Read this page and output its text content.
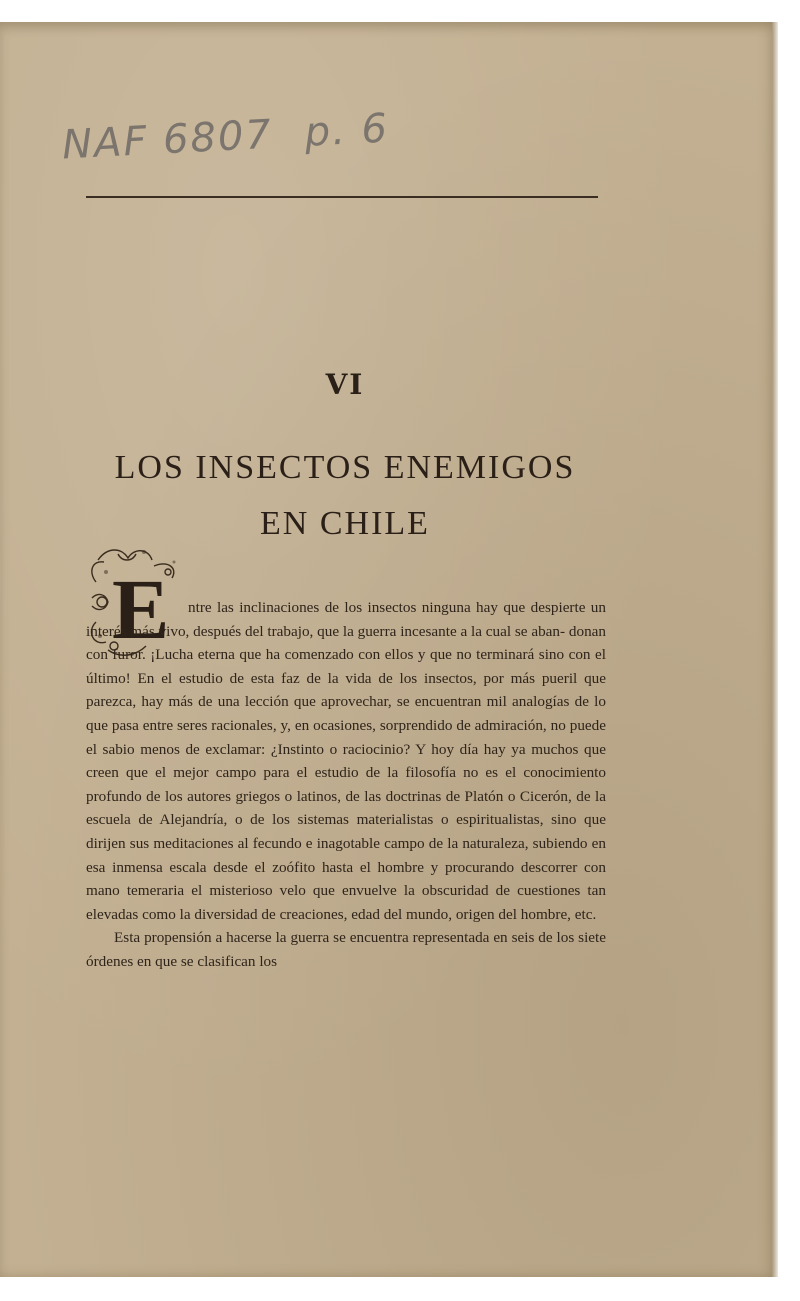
NAF 6807 p. 6
VI
LOS INSECTOS ENEMIGOS
EN CHILE
E	ntre las inclinaciones de los insectos ninguna hay que despierte un interés más vivo, después del trabajo, que la guerra incesante a la cual se aban- donan con furor. ¡Lucha eterna que ha comenzado con ellos y que no terminará sino con el último! En el estudio de esta faz de la vida de los insectos, por más pueril que parezca, hay más de una lección que aprovechar, se encuentran mil analogías de lo que pasa entre seres racionales, y, en ocasiones, sorprendido de admiración, no puede el sabio menos de exclamar: ¿Instinto o raciocinio? Y hoy día hay ya muchos que creen que el mejor campo para el estudio de la filosofía no es el conocimiento profundo de los autores griegos o latinos, de las doctrinas de Platón o Cicerón, de la escuela de Alejandría, o de los sistemas materialistas o espiritualistas, sino que dirijen sus meditaciones al fecundo e inagotable campo de la naturaleza, subiendo en esa inmensa escala desde el zoófito hasta el hombre y procurando descorrer con mano temeraria el misterioso velo que envuelve la obscuridad de cuestiones tan elevadas como la diversidad de creaciones, edad del mundo, origen del hombre, etc.

Esta propensión a hacerse la guerra se encuentra representada en seis de los siete órdenes en que se clasifican los
